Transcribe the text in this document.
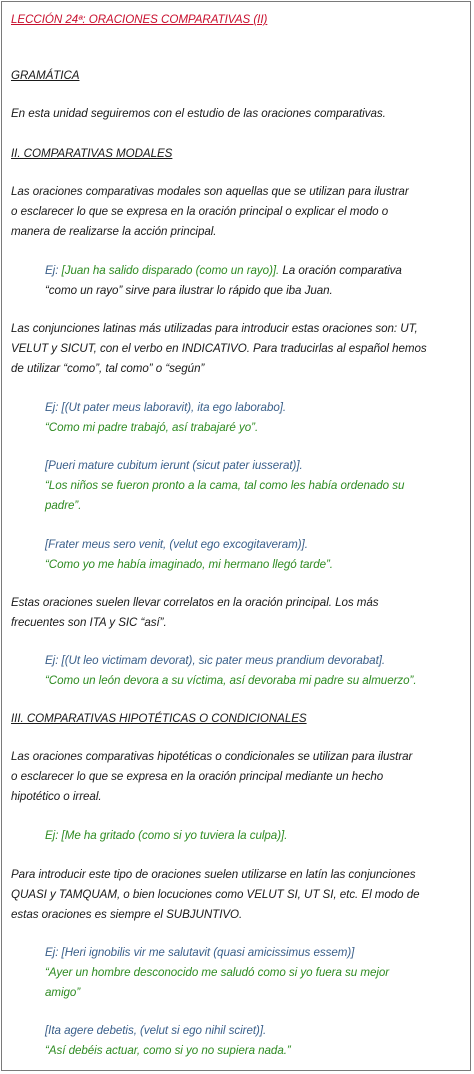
LECCIÓN 24ª: ORACIONES COMPARATIVAS (II)

GRAMÁTICA

En esta unidad seguiremos con el estudio de las oraciones comparativas.

II. COMPARATIVAS MODALES

Las oraciones comparativas modales son aquellas que se utilizan para ilustrar
o esclarecer lo que se expresa en la oración principal o explicar el modo o
manera de realizarse la acción principal.

Ej: [Juan ha salido disparado (como un rayo)]. La oración comparativa
“como un rayo” sirve para ilustrar lo rápido que iba Juan.

Las conjunciones latinas más utilizadas para introducir estas oraciones son: UT,
VELUT y SICUT, con el verbo en INDICATIVO. Para traducirlas al español hemos
de utilizar “como”, tal como” o “según”

Ej: [(Ut pater meus laboravit), ita ego laborabo].
“Como mi padre trabajó, así trabajaré yo”.

[Pueri mature cubitum ierunt (sicut pater iusserat)].
“Los niños se fueron pronto a la cama, tal como les había ordenado su
padre”.

[Frater meus sero venit, (velut ego excogitaveram)].
“Como yo me había imaginado, mi hermano llegó tarde”.

Estas oraciones suelen llevar correlatos en la oración principal. Los más
frecuentes son ITA y SIC “así”.

Ej: [(Ut leo victimam devorat), sic pater meus prandium devorabat].
“Como un león devora a su víctima, así devoraba mi padre su almuerzo”.

III. COMPARATIVAS HIPOTÉTICAS O CONDICIONALES

Las oraciones comparativas hipotéticas o condicionales se utilizan para ilustrar
o esclarecer lo que se expresa en la oración principal mediante un hecho
hipotético o irreal.

Ej: [Me ha gritado (como si yo tuviera la culpa)].

Para introducir este tipo de oraciones suelen utilizarse en latín las conjunciones
QUASI y TAMQUAM, o bien locuciones como VELUT SI, UT SI, etc. El modo de
estas oraciones es siempre el SUBJUNTIVO.

Ej: [Heri ignobilis vir me salutavit (quasi amicissimus essem)]
“Ayer un hombre desconocido me saludó como si yo fuera su mejor
amigo”

[Ita agere debetis, (velut si ego nihil sciret)].
“Así debéis actuar, como si yo no supiera nada.”
